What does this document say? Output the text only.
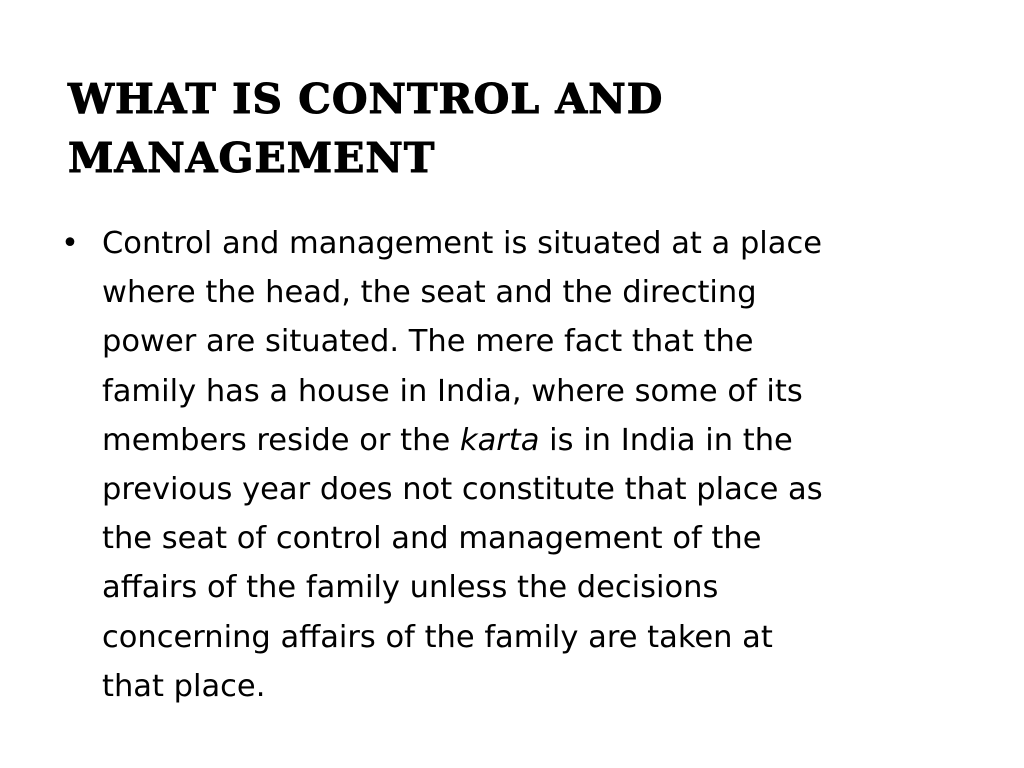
WHAT IS CONTROL AND
MANAGEMENT
• Control and management is situated at a place
where the head, the seat and the directing
power are situated. The mere fact that the
family has a house in India, where some of its
members reside or the karta is in India in the
previous year does not constitute that place as
the seat of control and management of the
affairs of the family unless the decisions
concerning affairs of the family are taken at
that place.
